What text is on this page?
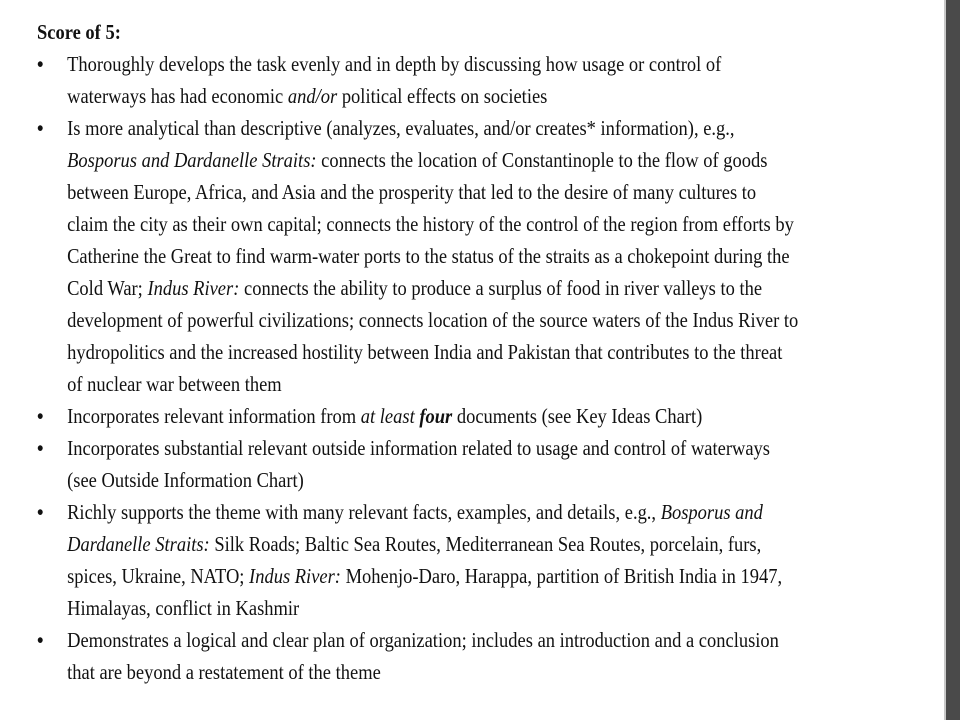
Score of 5:
• Thoroughly develops the task evenly and in depth by discussing how usage or control of
waterways has had economic and/or political effects on societies
• Is more analytical than descriptive (analyzes, evaluates, and/or creates* information), e.g.,
Bosporus and Dardanelle Straits: connects the location of Constantinople to the flow of goods
between Europe, Africa, and Asia and the prosperity that led to the desire of many cultures to
claim the city as their own capital; connects the history of the control of the region from efforts by
Catherine the Great to find warm-water ports to the status of the straits as a chokepoint during the
Cold War; Indus River: connects the ability to produce a surplus of food in river valleys to the
development of powerful civilizations; connects location of the source waters of the Indus River to
hydropolitics and the increased hostility between India and Pakistan that contributes to the threat
of nuclear war between them
• Incorporates relevant information from at least four documents (see Key Ideas Chart)
• Incorporates substantial relevant outside information related to usage and control of waterways
(see Outside Information Chart)
• Richly supports the theme with many relevant facts, examples, and details, e.g., Bosporus and
Dardanelle Straits: Silk Roads; Baltic Sea Routes, Mediterranean Sea Routes, porcelain, furs,
spices, Ukraine, NATO; Indus River: Mohenjo-Daro, Harappa, partition of British India in 1947,
Himalayas, conflict in Kashmir
• Demonstrates a logical and clear plan of organization; includes an introduction and a conclusion
that are beyond a restatement of the theme
